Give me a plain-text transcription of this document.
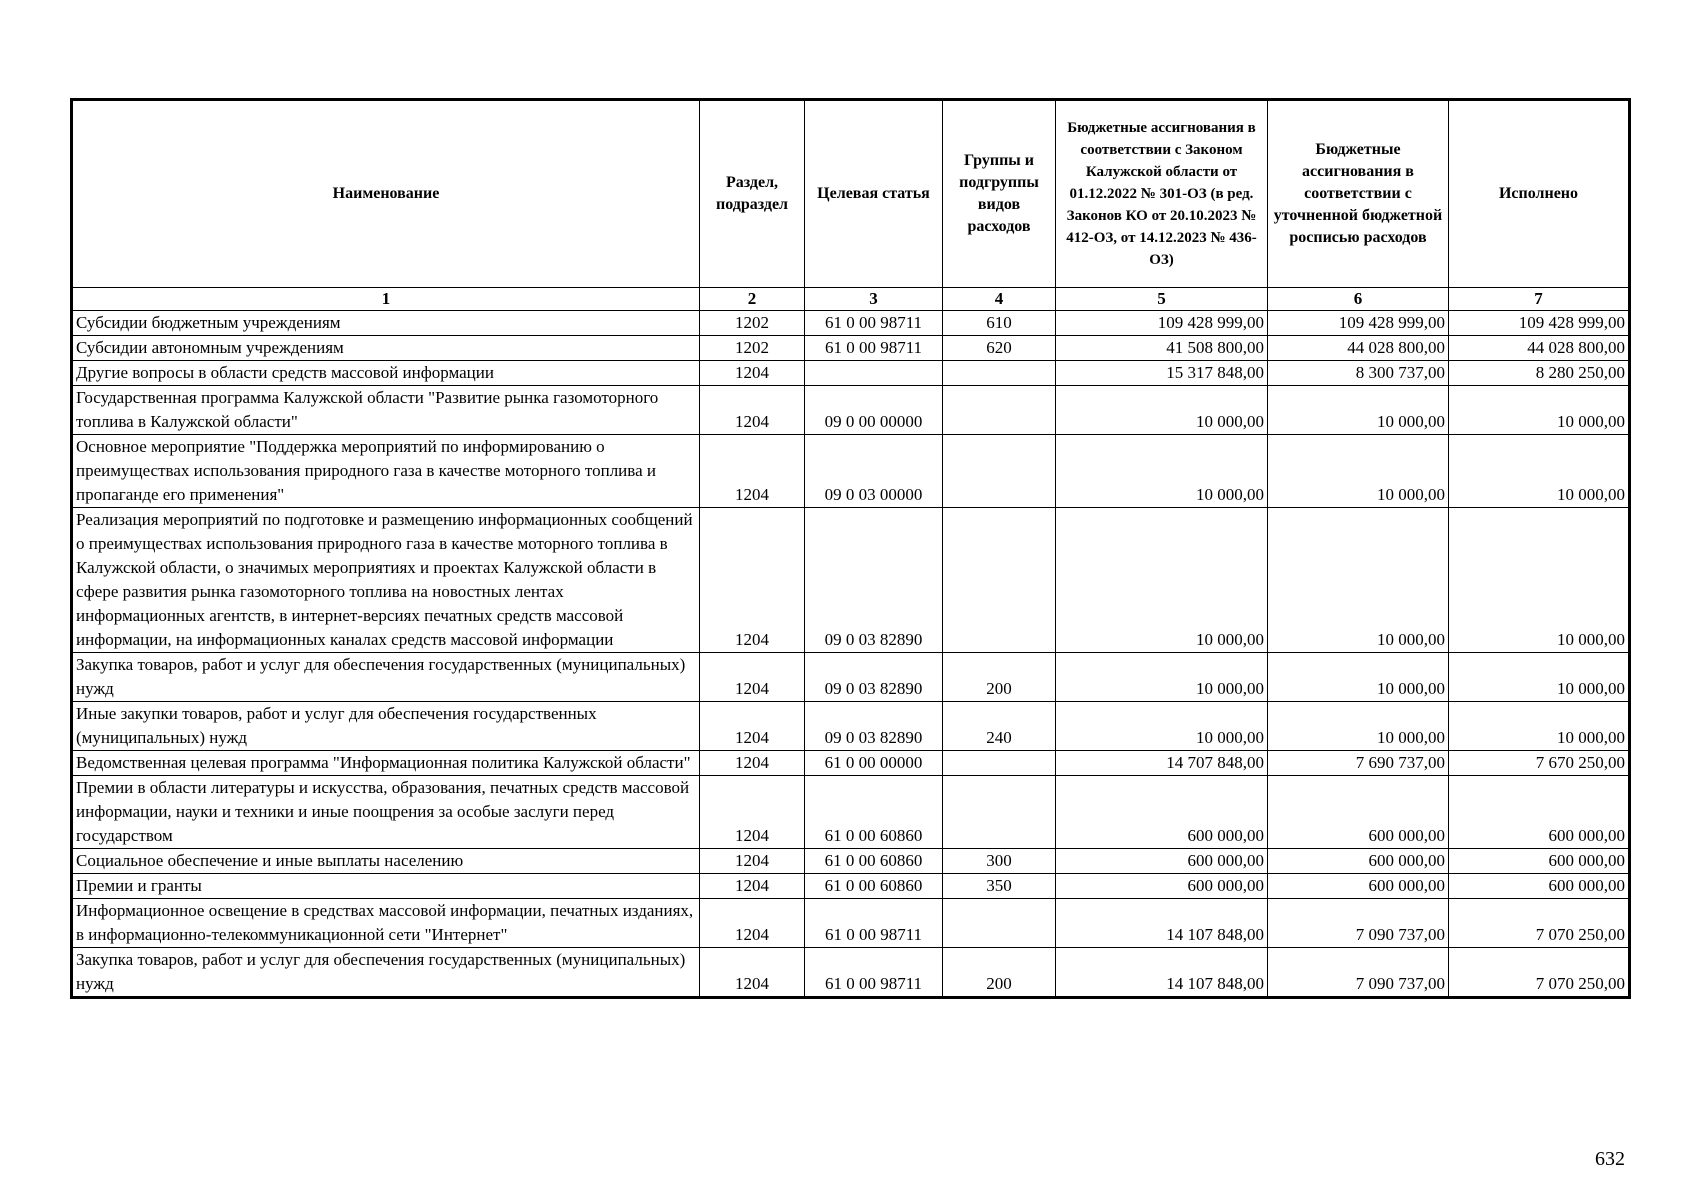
Наименование	Раздел, подраздел	Целевая статья	Группы и подгруппы видов расходов	Бюджетные ассигнования в соответствии с Законом Калужской области от 01.12.2022 № 301-ОЗ (в ред. Законов КО от 20.10.2023 № 412-ОЗ, от 14.12.2023 № 436-ОЗ)	Бюджетные ассигнования в соответствии с уточненной бюджетной росписью расходов	Исполнено
1	2	3	4	5	6	7
Субсидии бюджетным учреждениям	1202	61 0 00 98711	610	109 428 999,00	109 428 999,00	109 428 999,00
Субсидии автономным учреждениям	1202	61 0 00 98711	620	41 508 800,00	44 028 800,00	44 028 800,00
Другие вопросы в области средств массовой информации	1204			15 317 848,00	8 300 737,00	8 280 250,00
Государственная программа Калужской области "Развитие рынка газомоторного топлива в Калужской области"	1204	09 0 00 00000		10 000,00	10 000,00	10 000,00
Основное мероприятие "Поддержка мероприятий по информированию о преимуществах использования природного газа в качестве моторного топлива и пропаганде его применения"	1204	09 0 03 00000		10 000,00	10 000,00	10 000,00
Реализация мероприятий по подготовке и размещению информационных сообщений о преимуществах использования природного газа в качестве моторного топлива в Калужской области, о значимых мероприятиях и проектах Калужской области в сфере развития рынка газомоторного топлива на новостных лентах информационных агентств, в интернет-версиях печатных средств массовой информации, на информационных каналах средств массовой информации	1204	09 0 03 82890		10 000,00	10 000,00	10 000,00
Закупка товаров, работ и услуг для обеспечения государственных (муниципальных) нужд	1204	09 0 03 82890	200	10 000,00	10 000,00	10 000,00
Иные закупки товаров, работ и услуг для обеспечения государственных (муниципальных) нужд	1204	09 0 03 82890	240	10 000,00	10 000,00	10 000,00
Ведомственная целевая программа "Информационная политика Калужской области"	1204	61 0 00 00000		14 707 848,00	7 690 737,00	7 670 250,00
Премии в области литературы и искусства, образования, печатных средств массовой информации, науки и техники и иные поощрения за особые заслуги перед государством	1204	61 0 00 60860		600 000,00	600 000,00	600 000,00
Социальное обеспечение и иные выплаты населению	1204	61 0 00 60860	300	600 000,00	600 000,00	600 000,00
Премии и гранты	1204	61 0 00 60860	350	600 000,00	600 000,00	600 000,00
Информационное освещение в средствах массовой информации, печатных изданиях, в информационно-телекоммуникационной сети "Интернет"	1204	61 0 00 98711		14 107 848,00	7 090 737,00	7 070 250,00
Закупка товаров, работ и услуг для обеспечения государственных (муниципальных) нужд	1204	61 0 00 98711	200	14 107 848,00	7 090 737,00	7 070 250,00
632
